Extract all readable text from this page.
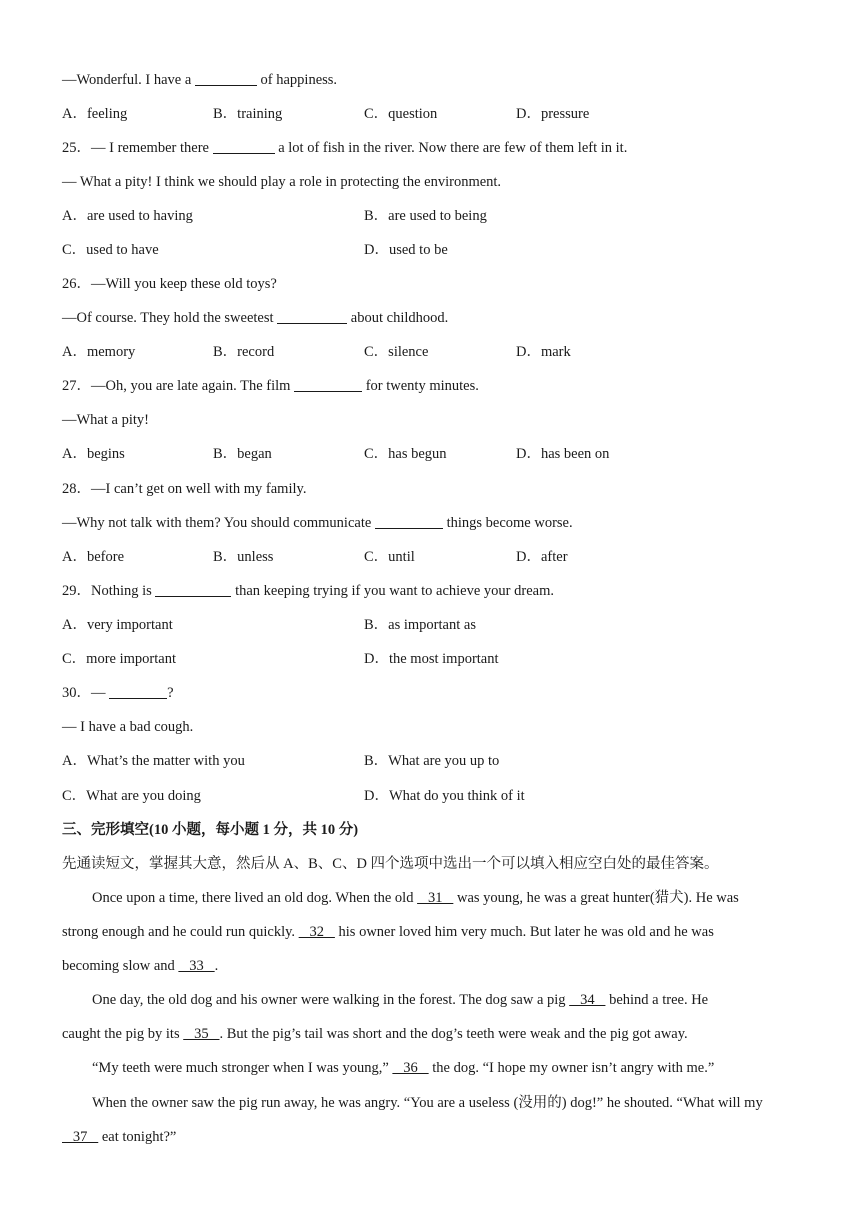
—Wonderful. I have a	of happiness.
A．feeling	B．training	C．question	D．pressure
25．— I remember there	a lot of fish in the river. Now there are few of them left in it.
— What a pity! I think we should play a role in protecting the environment.
A．are used to having	B．are used to being
C．used to have	D．used to be
26．—Will you keep these old toys?
—Of course. They hold the sweetest	about childhood.
A．memory	B．record	C．silence	D．mark
27．—Oh, you are late again. The film	for twenty minutes.
—What a pity!
A．begins	B．began	C．has begun	D．has been on
28．—I can’t get on well with my family.
—Why not talk with them? You should communicate	things become worse.
A．before	B．unless	C．until	D．after
29．Nothing is	than keeping trying if you want to achieve your dream.
A．very important	B．as important as
C．more important	D．the most important
30．—	?
— I have a bad cough.
A．What’s the matter with you	B．What are you up to
C．What are you doing	D．What do you think of it
三、完形填空(10 小题，每小题 1 分，共 10 分)
先通读短文，掌握其大意，然后从 A、B、C、D 四个选项中选出一个可以填入相应空白处的最佳答案。
Once upon a time, there lived an old dog. When the old    31    was young, he was a great hunter(猎犬). He was
strong enough and he could run quickly.    32    his owner loved him very much. But later he was old and he was
becoming slow and    33   .
One day, the old dog and his owner were walking in the forest. The dog saw a pig    34    behind a tree. He
caught the pig by its    35   . But the pig’s tail was short and the dog’s teeth were weak and the pig got away.
“My teeth were much stronger when I was young,”    36    the dog. “I hope my owner isn’t angry with me.”
When the owner saw the pig run away, he was angry. “You are a useless (没用的) dog!” he shouted. “What will my
37    eat tonight?”
